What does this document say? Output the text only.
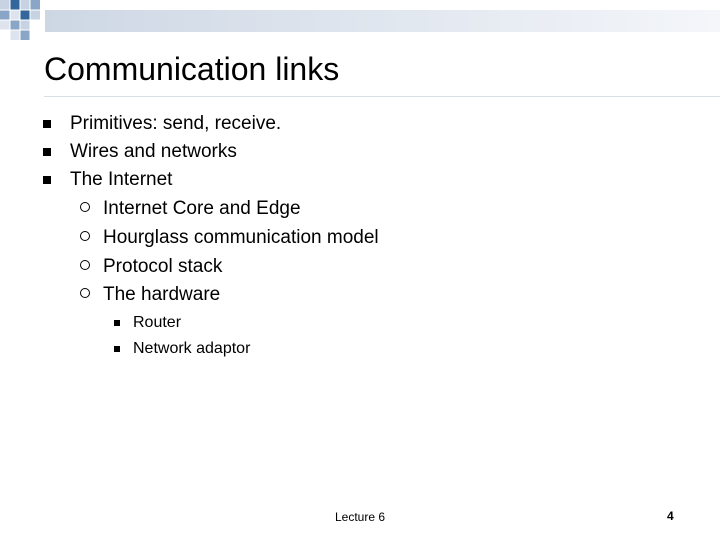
Communication links
Primitives: send, receive.
Wires and networks
The Internet
Internet Core and Edge
Hourglass communication model
Protocol stack
The hardware
Router
Network adaptor
Lecture 6	4
